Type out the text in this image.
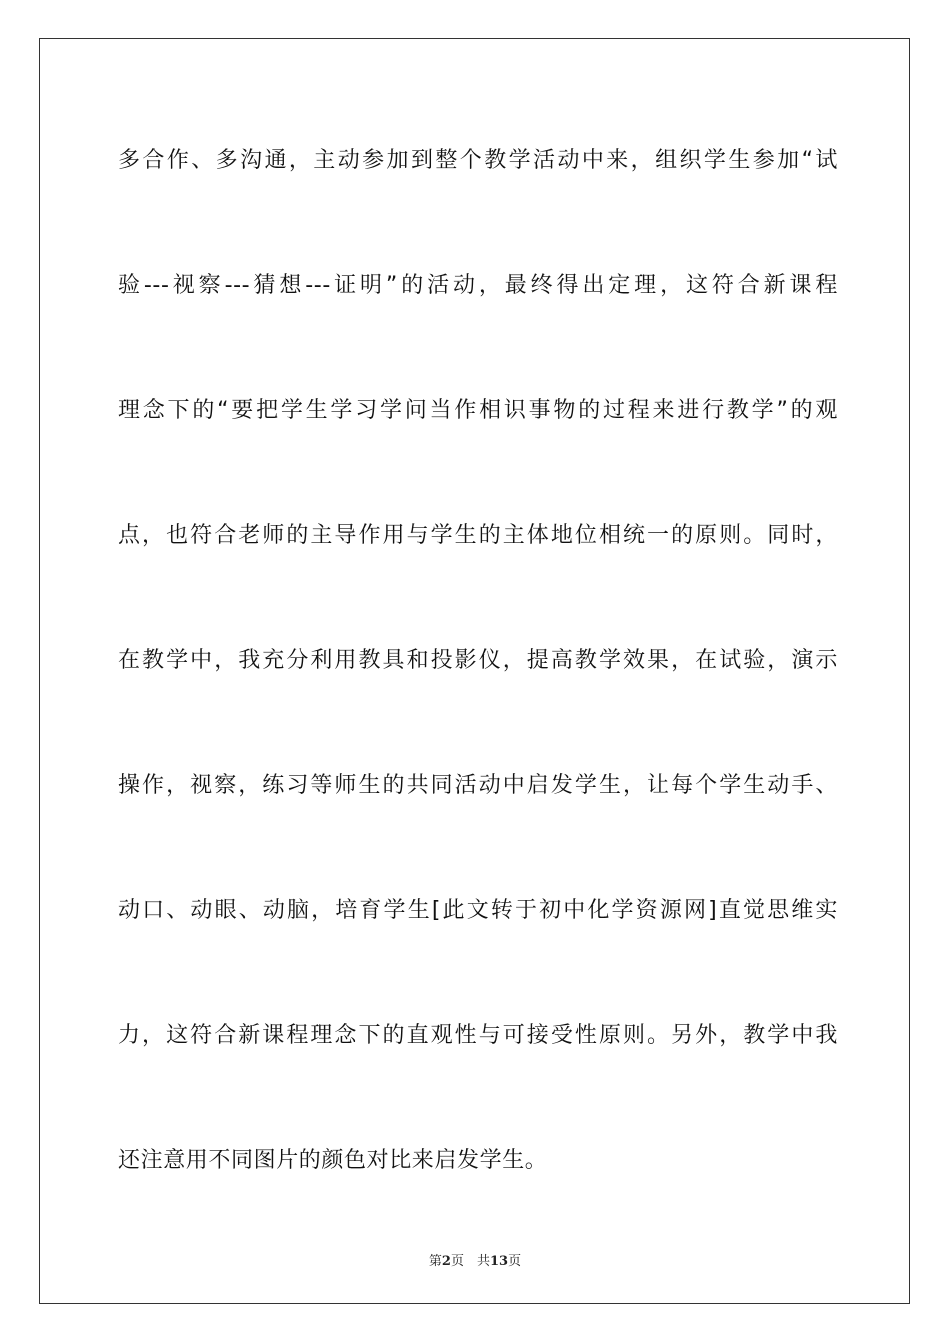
多合作、多沟通，主动参加到整个教学活动中来，组织学生参加“试
验---视察---猜想---证明”的活动，最终得出定理，这符合新课程
理念下的“要把学生学习学问当作相识事物的过程来进行教学”的观
点，也符合老师的主导作用与学生的主体地位相统一的原则。同时，
在教学中，我充分利用教具和投影仪，提高教学效果，在试验，演示
操作，视察，练习等师生的共同活动中启发学生，让每个学生动手、
动口、动眼、动脑，培育学生[此文转于初中化学资源网]直觉思维实
力，这符合新课程理念下的直观性与可接受性原则。另外，教学中我
还注意用不同图片的颜色对比来启发学生。
第2页　共13页
